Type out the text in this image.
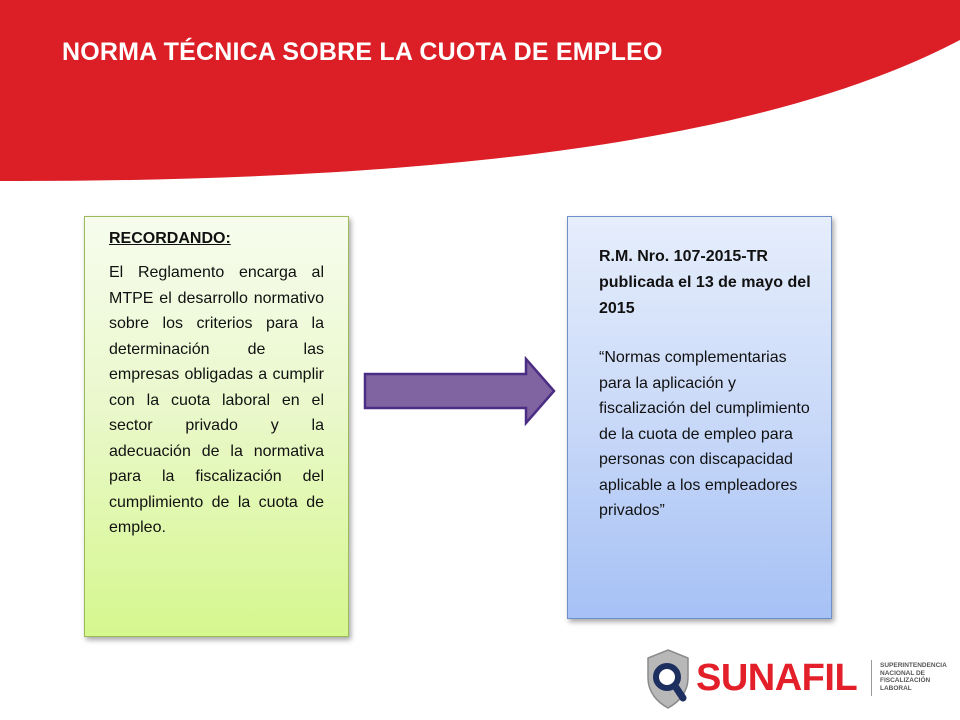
NORMA TÉCNICA SOBRE LA CUOTA DE EMPLEO

RECORDANDO:

El Reglamento encarga al MTPE el desarrollo normativo sobre los criterios para la determinación de las empresas obligadas a cumplir con la cuota laboral en el sector privado y la adecuación de la normativa para la fiscalización del cumplimiento de la cuota de empleo.

R.M. Nro. 107-2015-TR publicada el 13 de mayo del 2015

“Normas complementarias para la aplicación y fiscalización del cumplimiento de la cuota de empleo para personas con discapacidad aplicable a los empleadores privados”

SUNAFIL	SUPERINTENDENCIA
NACIONAL DE
FISCALIZACIÓN
LABORAL
